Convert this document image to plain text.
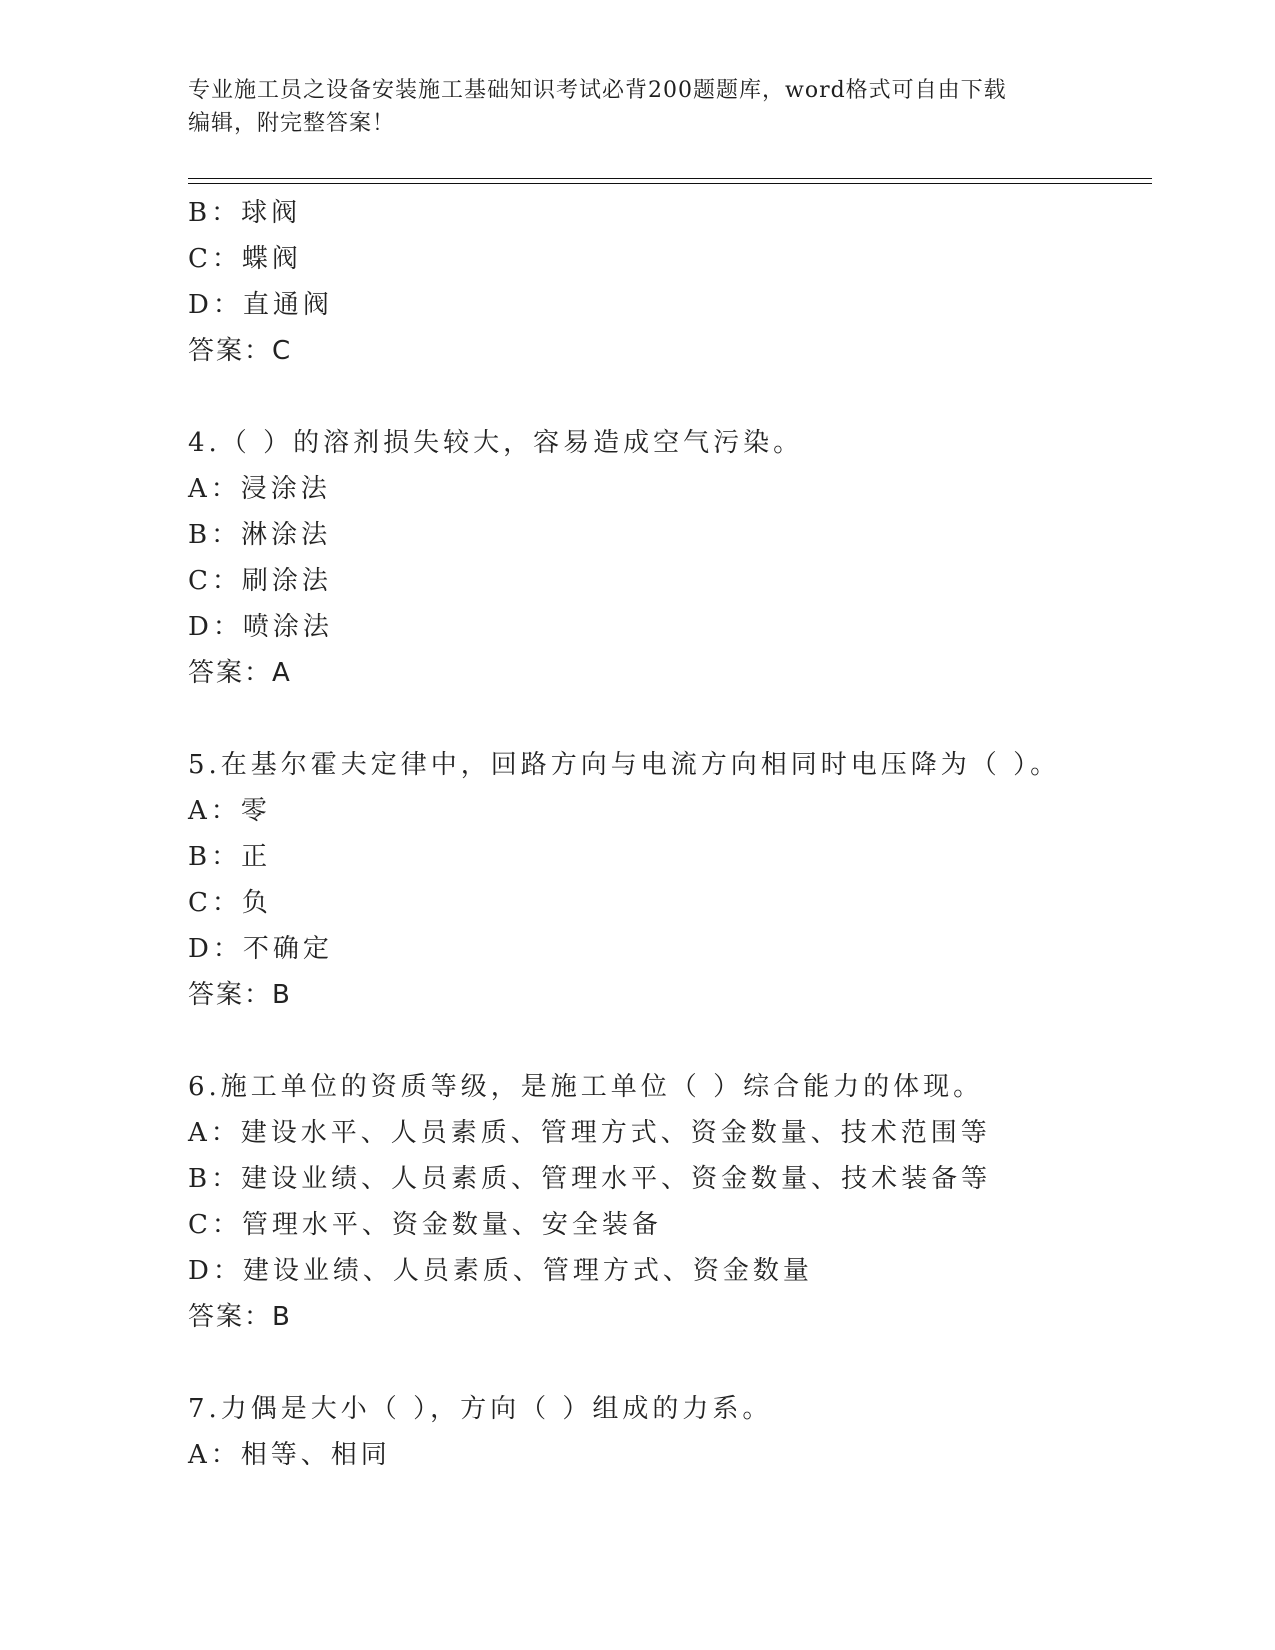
专业施工员之设备安装施工基础知识考试必背200题题库，word格式可自由下载
编辑，附完整答案！
B：球阀
C：蝶阀
D：直通阀
答案：C
4.（ ）的溶剂损失较大，容易造成空气污染。
A：浸涂法
B：淋涂法
C：刷涂法
D：喷涂法
答案：A
5.在基尔霍夫定律中，回路方向与电流方向相同时电压降为（ ）。
A：零
B：正
C：负
D：不确定
答案：B
6.施工单位的资质等级，是施工单位（ ）综合能力的体现。
A：建设水平、人员素质、管理方式、资金数量、技术范围等
B：建设业绩、人员素质、管理水平、资金数量、技术装备等
C：管理水平、资金数量、安全装备
D：建设业绩、人员素质、管理方式、资金数量
答案：B
7.力偶是大小（ ），方向（ ）组成的力系。
A：相等、相同
